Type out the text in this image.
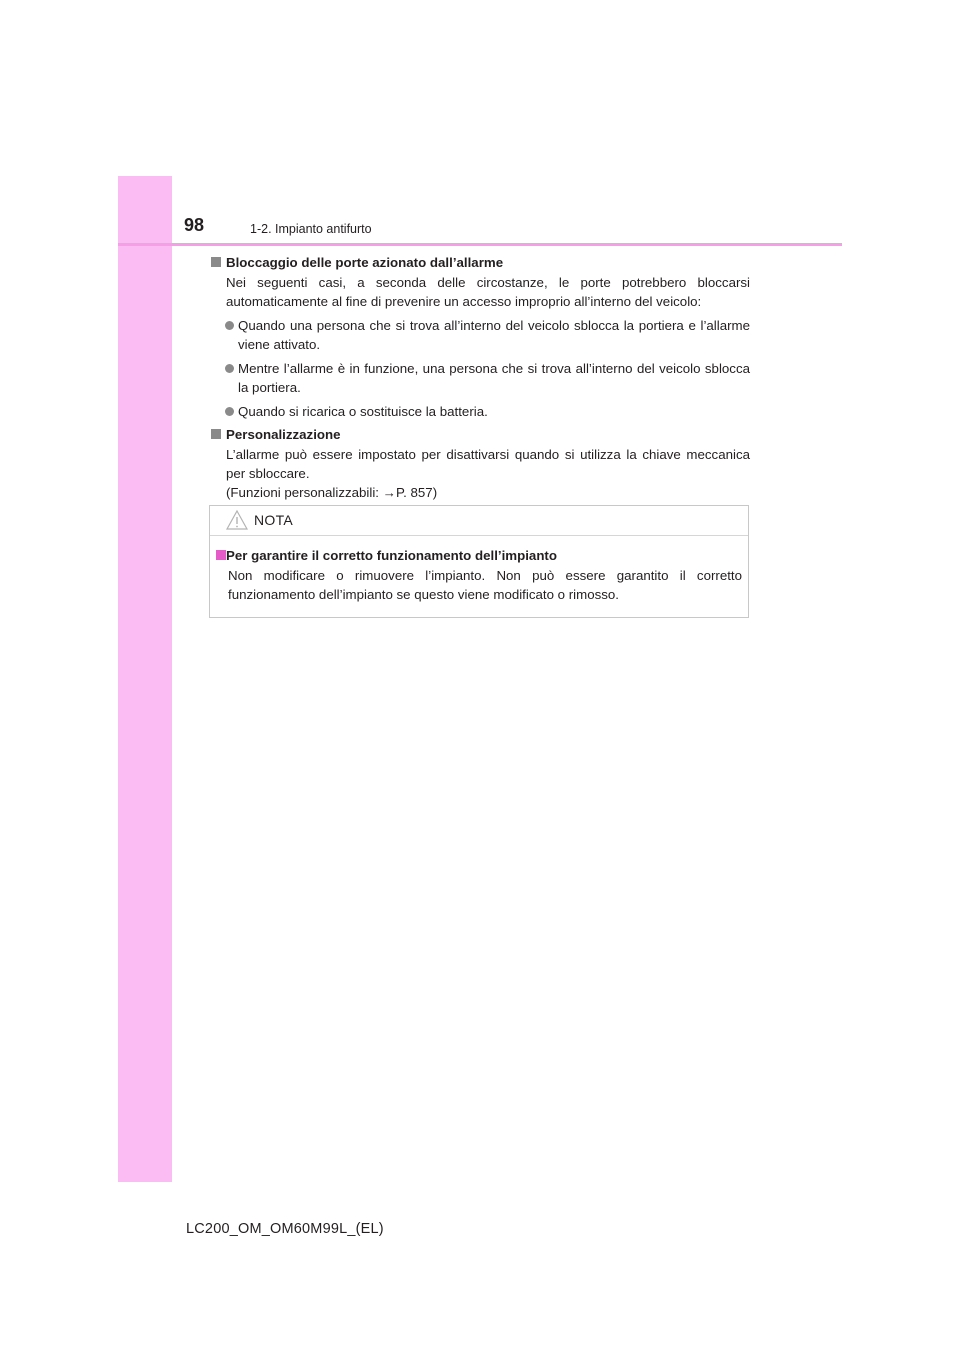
98	1-2. Impianto antifurto
Bloccaggio delle porte azionato dall’allarme
Nei seguenti casi, a seconda delle circostanze, le porte potrebbero bloccarsi automaticamente al fine di prevenire un accesso improprio all’interno del veicolo:
Quando una persona che si trova all’interno del veicolo sblocca la portiera e l’allarme viene attivato.
Mentre l’allarme è in funzione, una persona che si trova all’interno del veicolo sblocca la portiera.
Quando si ricarica o sostituisce la batteria.
Personalizzazione
L’allarme può essere impostato per disattivarsi quando si utilizza la chiave meccanica per sbloccare.
(Funzioni personalizzabili: →P. 857)
NOTA
Per garantire il corretto funzionamento dell’impianto
Non modificare o rimuovere l’impianto. Non può essere garantito il corretto funzionamento dell’impianto se questo viene modificato o rimosso.
LC200_OM_OM60M99L_(EL)
